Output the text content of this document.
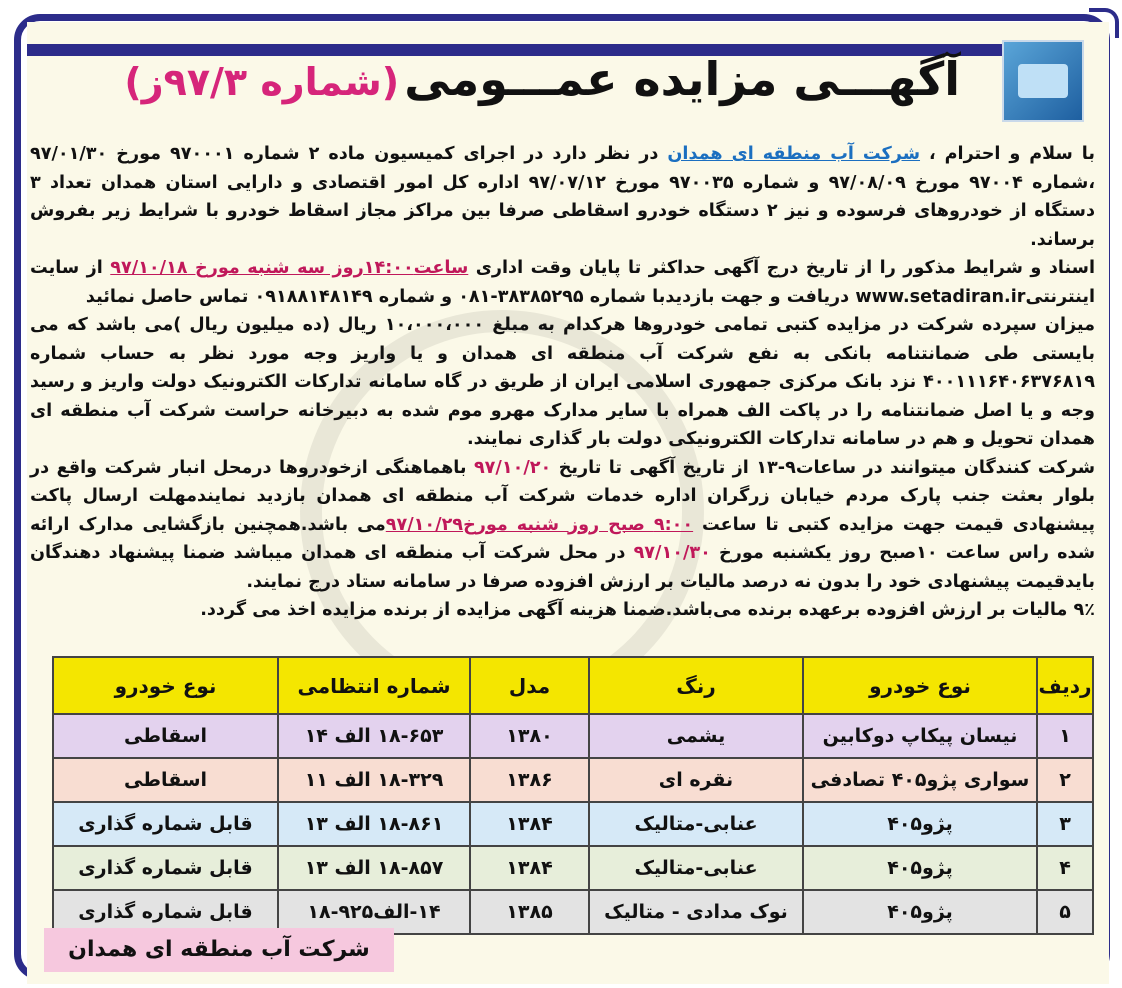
آگهـــی مزایده عمـــومی (شماره ۹۷/۳ز)

با سلام و احترام ، شرکت آب منطقه ای همدان در نظر دارد در اجرای کمیسیون ماده ۲ شماره ۹۷۰۰۰۱ مورخ ۹۷/۰۱/۳۰ ،شماره ۹۷۰۰۴ مورخ ۹۷/۰۸/۰۹ و شماره ۹۷۰۰۳۵ مورخ ۹۷/۰۷/۱۲ اداره کل امور اقتصادی و دارایی استان همدان تعداد ۳ دستگاه از خودروهای فرسوده و نیز ۲ دستگاه خودرو اسقاطی صرفا بین مراکز مجاز اسقاط خودرو با شرایط زیر بفروش برساند.

اسناد و شرایط مذکور را از تاریخ درج آگهی حداکثر تا پایان وقت اداری ساعت۱۴:۰۰روز سه شنبه مورخ ۹۷/۱۰/۱۸ از سایت اینترنتیwww.setadiran.ir دریافت و جهت بازدیدبا شماره ۳۸۳۸۵۲۹۵-۰۸۱ و شماره ۰۹۱۸۸۱۴۸۱۴۹ تماس حاصل نمائید

میزان سپرده شرکت در مزایده کتبی تمامی خودروها هرکدام به مبلغ ۱۰،۰۰۰،۰۰۰ ریال (ده میلیون ریال )می باشد که می بایستی طی ضمانتنامه بانکی به نفع شرکت آب منطقه ای همدان و یا واریز وجه مورد نظر به حساب شماره ۴۰۰۱۱۱۶۴۰۶۳۷۶۸۱۹ نزد بانک مرکزی جمهوری اسلامی ایران از طریق در گاه سامانه تدارکات الکترونیک دولت واریز و رسید وجه و یا اصل ضمانتنامه را در پاکت الف همراه با سایر مدارک مهرو موم شده به دبیرخانه حراست شرکت آب منطقه ای همدان تحویل و هم در سامانه تدارکات الکترونیکی دولت بار گذاری نمایند.

شرکت کنندگان میتوانند در ساعات۹-۱۳ از تاریخ آگهی تا تاریخ ۹۷/۱۰/۲۰ باهماهنگی ازخودروها درمحل انبار شرکت واقع در بلوار بعثت جنب پارک مردم خیابان زرگران اداره خدمات شرکت آب منطقه ای همدان بازدید نمایندمهلت ارسال پاکت پیشنهادی قیمت جهت مزایده کتبی تا ساعت ۹:۰۰ صبح روز شنبه مورخ۹۷/۱۰/۲۹می باشد.همچنین بازگشایی مدارک ارائه شده راس ساعت ۱۰صبح روز یکشنبه مورخ ۹۷/۱۰/۳۰ در محل شرکت آب منطقه ای همدان میباشد ضمنا پیشنهاد دهندگان بایدقیمت پیشنهادی خود را بدون نه درصد مالیات بر ارزش افزوده صرفا در سامانه ستاد درج نمایند.

۹٪ مالیات بر ارزش افزوده برعهده برنده می‌باشد.ضمنا هزینه آگهی مزایده از برنده مزایده اخذ می گردد.

ردیف	نوع خودرو	رنگ	مدل	شماره انتظامی	نوع خودرو
۱	نیسان پیکاپ دوکابین	یشمی	۱۳۸۰	۱۸-۶۵۳ الف ۱۴	اسقاطی
۲	سواری پژو۴۰۵ تصادفی	نقره ای	۱۳۸۶	۱۸-۳۲۹ الف ۱۱	اسقاطی
۳	پژو۴۰۵	عنابی-متالیک	۱۳۸۴	۱۸-۸۶۱ الف ۱۳	قابل شماره گذاری
۴	پژو۴۰۵	عنابی-متالیک	۱۳۸۴	۱۸-۸۵۷ الف ۱۳	قابل شماره گذاری
۵	پژو۴۰۵	نوک مدادی - متالیک	۱۳۸۵	۱۴-الف۹۲۵-۱۸	قابل شماره گذاری
شرکت آب منطقه ای همدان
